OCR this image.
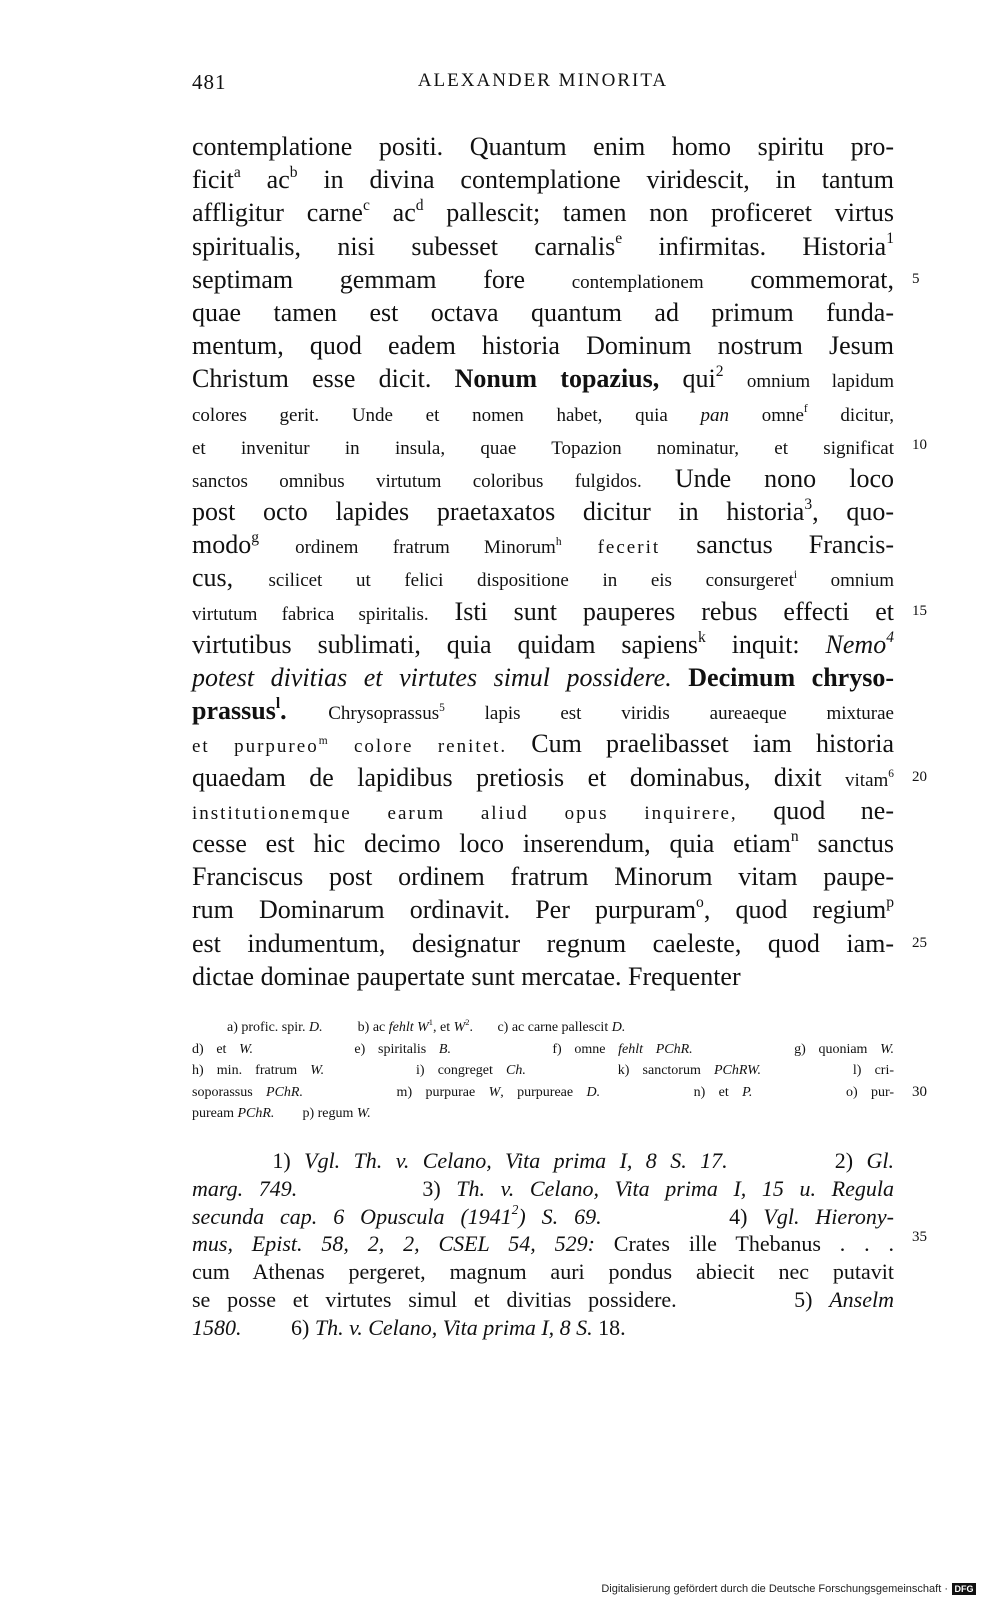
481	ALEXANDER MINORITA
contemplatione positi. Quantum enim homo spiritu pro-
ficit$^a$ $ac^b$ in divina contemplatione viridescit, in tantum
affligitur carne$^c$ $ac^d$ pallescit; tamen non proficeret virtus
spiritualis, nisi subesset carnalis$^e$ infirmitas. Historia$^1$
septimam gemmam fore contemplationem commemorat, 5
quae tamen est octava quantum ad primum funda-
mentum, quod eadem historia Dominum nostrum Jesum
Christum esse dicit. Nonum topazius, qui$^2$ omnium lapidum
colores gerit. Unde et nomen habet, quia pan omne$^f$ dicitur,
et invenitur in insula, quae Topazion nominatur, et significat 10
sanctos omnibus virtutum coloribus fulgidos. Unde nono loco
post octo lapides praetaxatos dicitur in historia$^3$, quo-
modo$^g$ ordinem fratrum Minorum$^h$ fecerit sanctus Francis-
cus, scilicet ut felici dispositione in eis consurgeret$^i$ omnium
virtutum fabrica spiritalis. Isti sunt pauperes rebus effecti et 15
virtutibus sublimati, quia quidam sapiens$^k$ inquit: Nemo$^4$
potest divitias et virtutes simul possidere. Decimum chryso-
prassus$^l$. Chrysoprassus$^5$ lapis est viridis aureaeque mixturae
et purpureo$^m$ colore renitet. Cum praelibasset iam historia
quaedam de lapidibus pretiosis et dominabus, dixit vitam$^6$ 20
institutionemque earum aliud opus inquirere, quod ne-
cesse est hic decimo loco inserendum, quia etiam$^n$ sanctus
Franciscus post ordinem fratrum Minorum vitam paupe-
rum Dominarum ordinavit. Per purpuram$^o$, quod regium$^p$
est indumentum, designatur regnum caeleste, quod iam- 25
dictae dominae paupertate sunt mercatae. Frequenter
a) profic. spir. D.          b) ac fehlt $W^1$, et $W^2$.       c) ac carne pallescit D.
d) et W.        e) spiritalis B.        f) omne fehlt PChR.        g) quoniam W.
h) min. fratrum W.       i) congreget Ch.       k) sanctorum PChRW.       l) cri-
soporassus PChR.       m) purpurae W, purpureae D.       n) et P.       o) pur- 30
puream PChR.        p) regum W.
1) Vgl. Th. v. Celano, Vita prima I, 8 S. 17.        2) Gl.
marg. 749.        3) Th. v. Celano, Vita prima I, 15 u. Regula
secunda cap. 6 Opuscula (1941$^2$) S. 69.        4) Vgl. Hierony-
mus, Epist. 58, 2, 2, CSEL 54, 529: Crates ille Thebanus . . . 35
cum Athenas pergeret, magnum auri pondus abiecit nec putavit
se posse et virtutes simul et divitias possidere.       5) Anselm
1580.         6) Th. v. Celano, Vita prima I, 8 S. 18.
Digitalisierung gefördert durch die Deutsche Forschungsgemeinschaft · DFG
